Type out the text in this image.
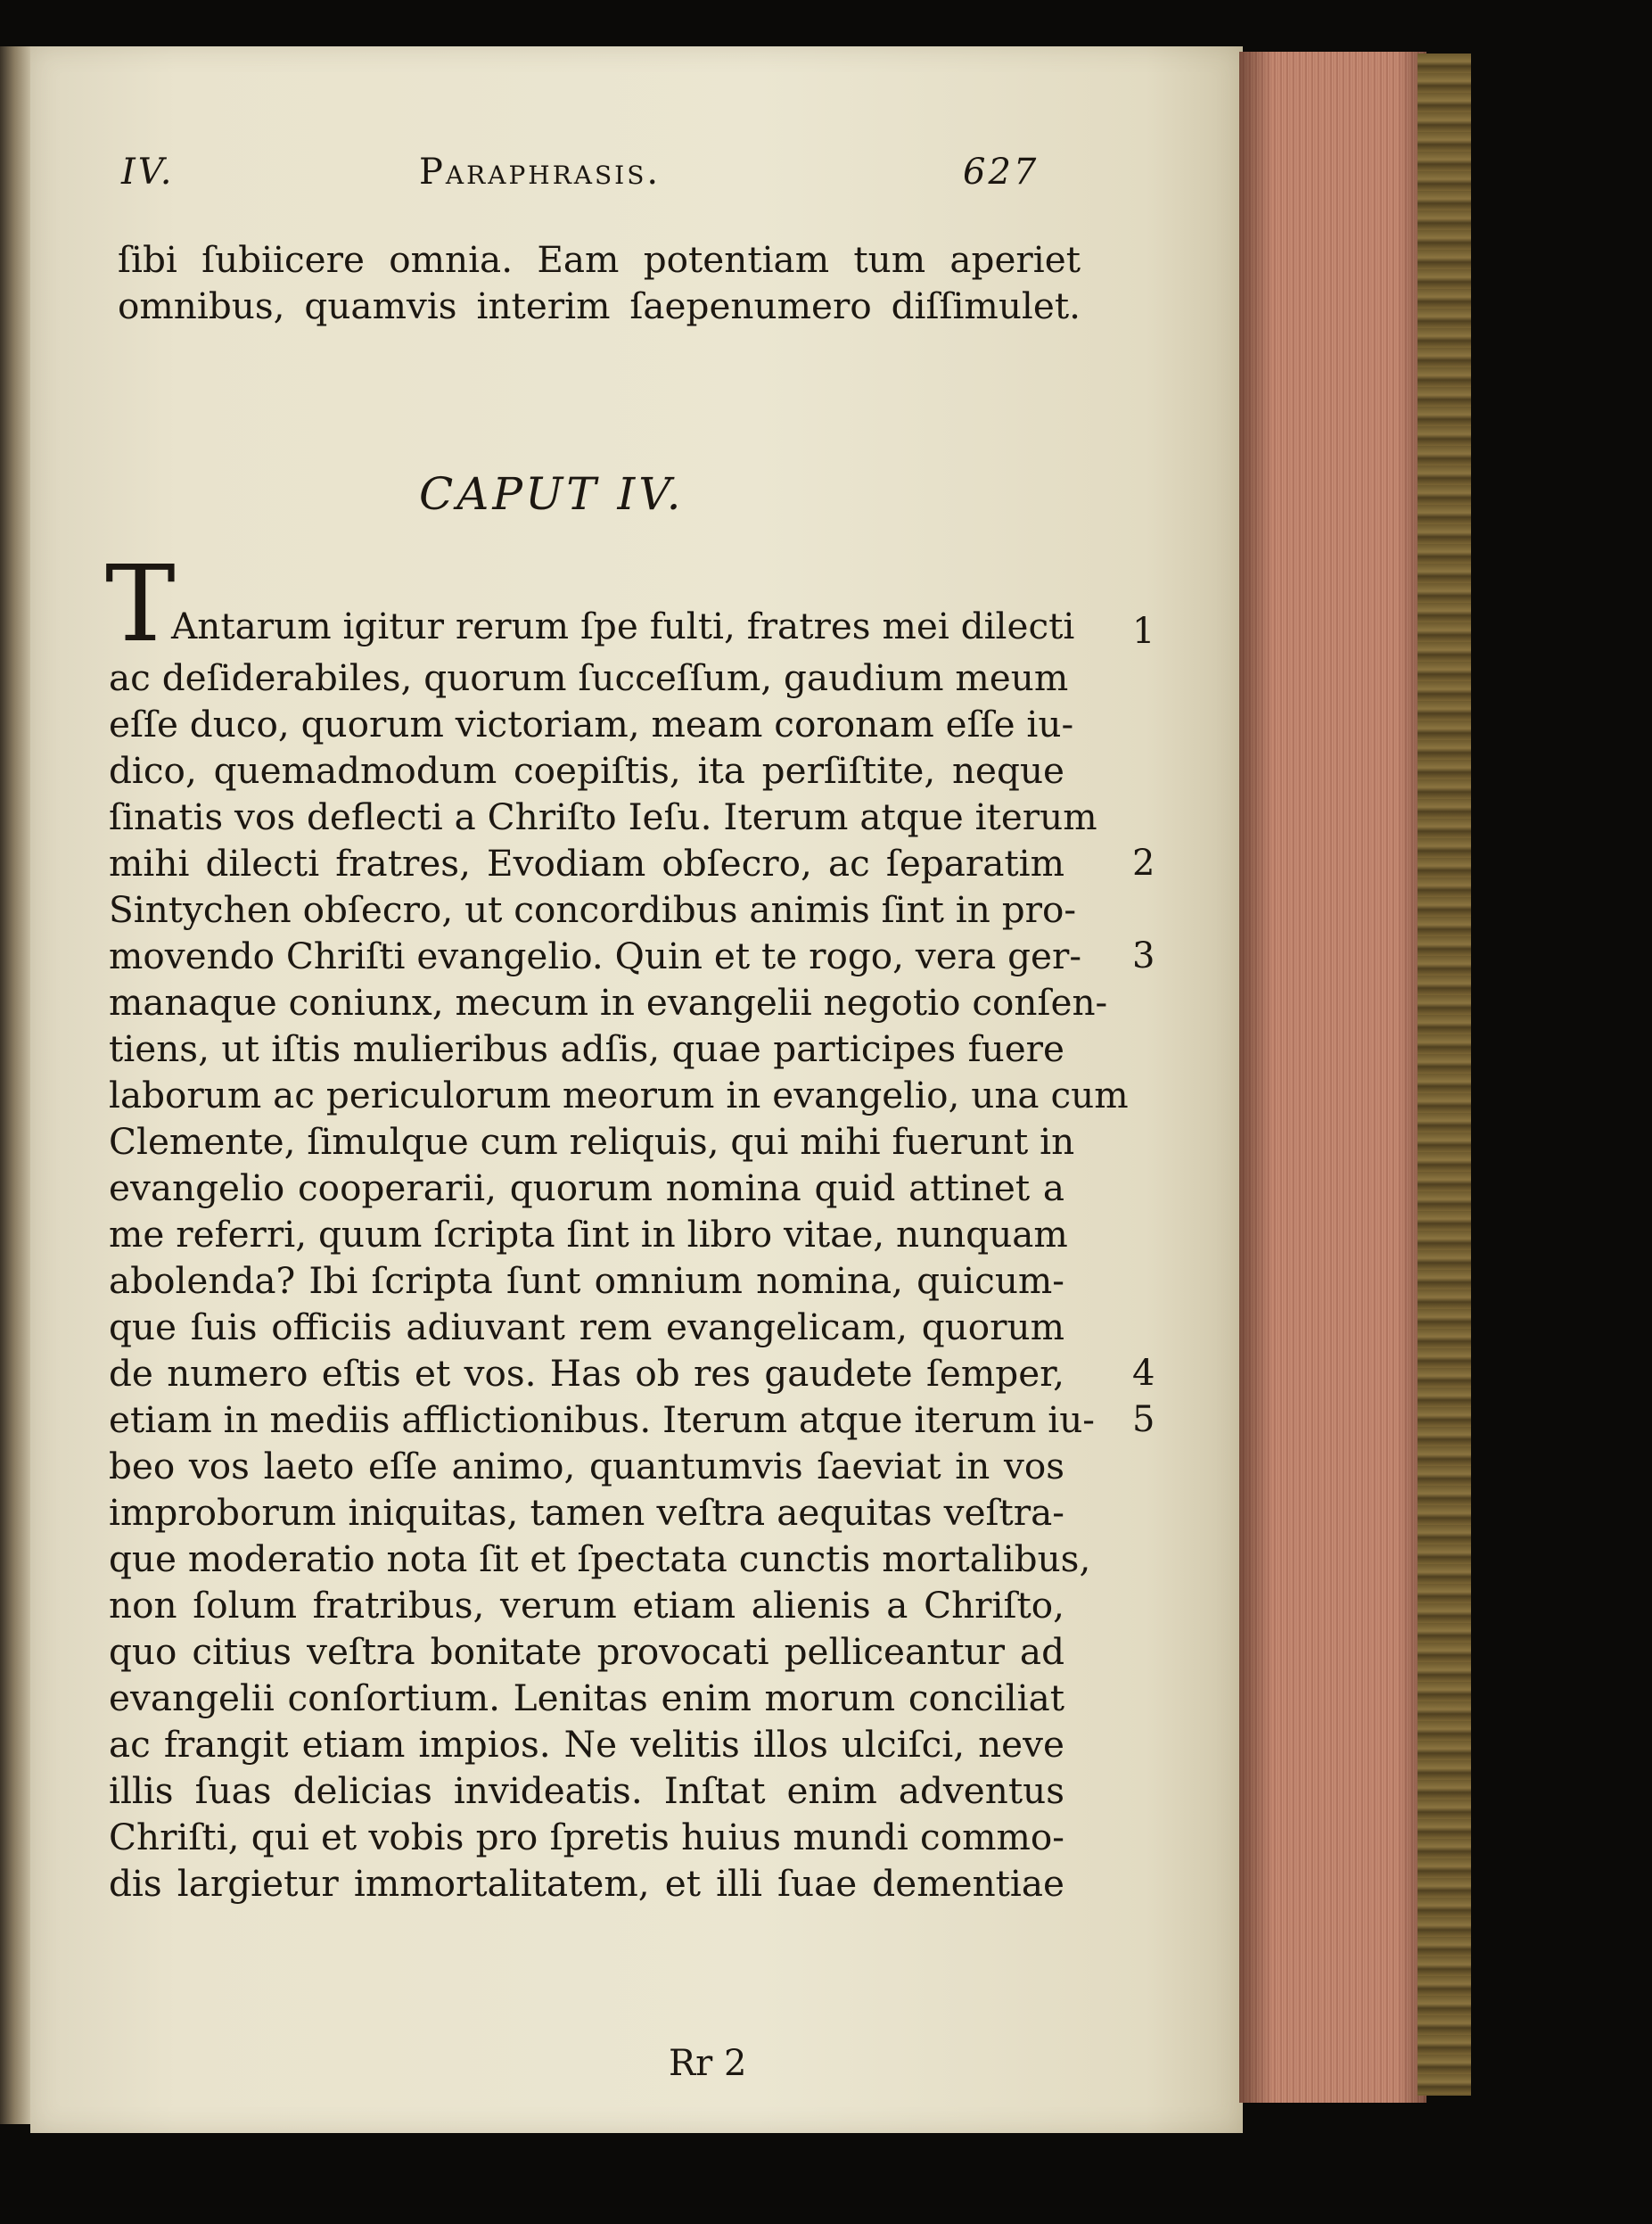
IV.	Paraphrasis.	627
ſibi ſubiicere omnia. Eam potentiam tum aperiet
omnibus, quamvis interim ſaepenumero diſſimulet.
CAPUT IV.
T
Antarum igitur rerum ſpe fulti, fratres mei dilecti
ac deſiderabiles, quorum ſucceſſum, gaudium meum
eſſe duco, quorum victoriam, meam coronam eſſe iu-
dico, quemadmodum coepiſtis, ita perſiſtite, neque
ſinatis vos deflecti a Chriſto Ieſu. Iterum atque iterum
mihi dilecti fratres, Evodiam obſecro, ac ſeparatim
Sintychen obſecro, ut concordibus animis ſint in pro-
movendo Chriſti evangelio. Quin et te rogo, vera ger-
manaque coniunx, mecum in evangelii negotio conſen-
tiens, ut iſtis mulieribus adſis, quae participes fuere
laborum ac periculorum meorum in evangelio, una cum
Clemente, ſimulque cum reliquis, qui mihi fuerunt in
evangelio cooperarii, quorum nomina quid attinet a
me referri, quum ſcripta ſint in libro vitae, nunquam
abolenda? Ibi ſcripta ſunt omnium nomina, quicum-
que ſuis officiis adiuvant rem evangelicam, quorum
de numero eſtis et vos. Has ob res gaudete ſemper,
etiam in mediis afflictionibus. Iterum atque iterum iu-
beo vos laeto eſſe animo, quantumvis ſaeviat in vos
improborum iniquitas, tamen veſtra aequitas veſtra-
que moderatio nota ſit et ſpectata cunctis mortalibus,
non ſolum fratribus, verum etiam alienis a Chriſto,
quo citius veſtra bonitate provocati pelliceantur ad
evangelii conſortium. Lenitas enim morum conciliat
ac frangit etiam impios. Ne velitis illos ulciſci, neve
illis ſuas delicias invideatis. Inſtat enim adventus
Chriſti, qui et vobis pro ſpretis huius mundi commo-
dis largietur immortalitatem, et illi ſuae dementiae
1
2
3
4
5
Rr 2
